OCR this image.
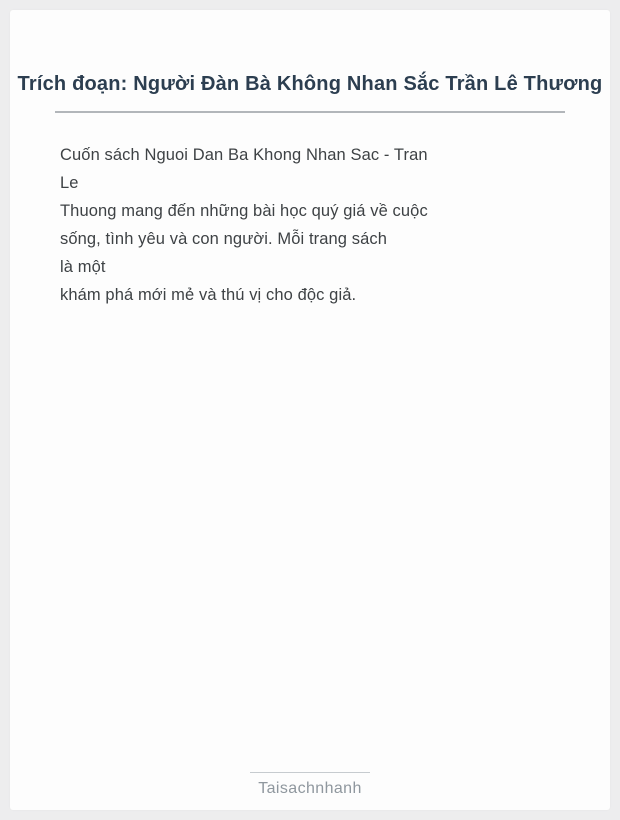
Trích đoạn: Người Đàn Bà Không Nhan Sắc Trần Lê Thương
Cuốn sách Nguoi Dan Ba Khong Nhan Sac - Tran
Le
Thuong mang đến những bài học quý giá về cuộc
sống, tình yêu và con người. Mỗi trang sách
là một
khám phá mới mẻ và thú vị cho độc giả.
Taisachnhanh
